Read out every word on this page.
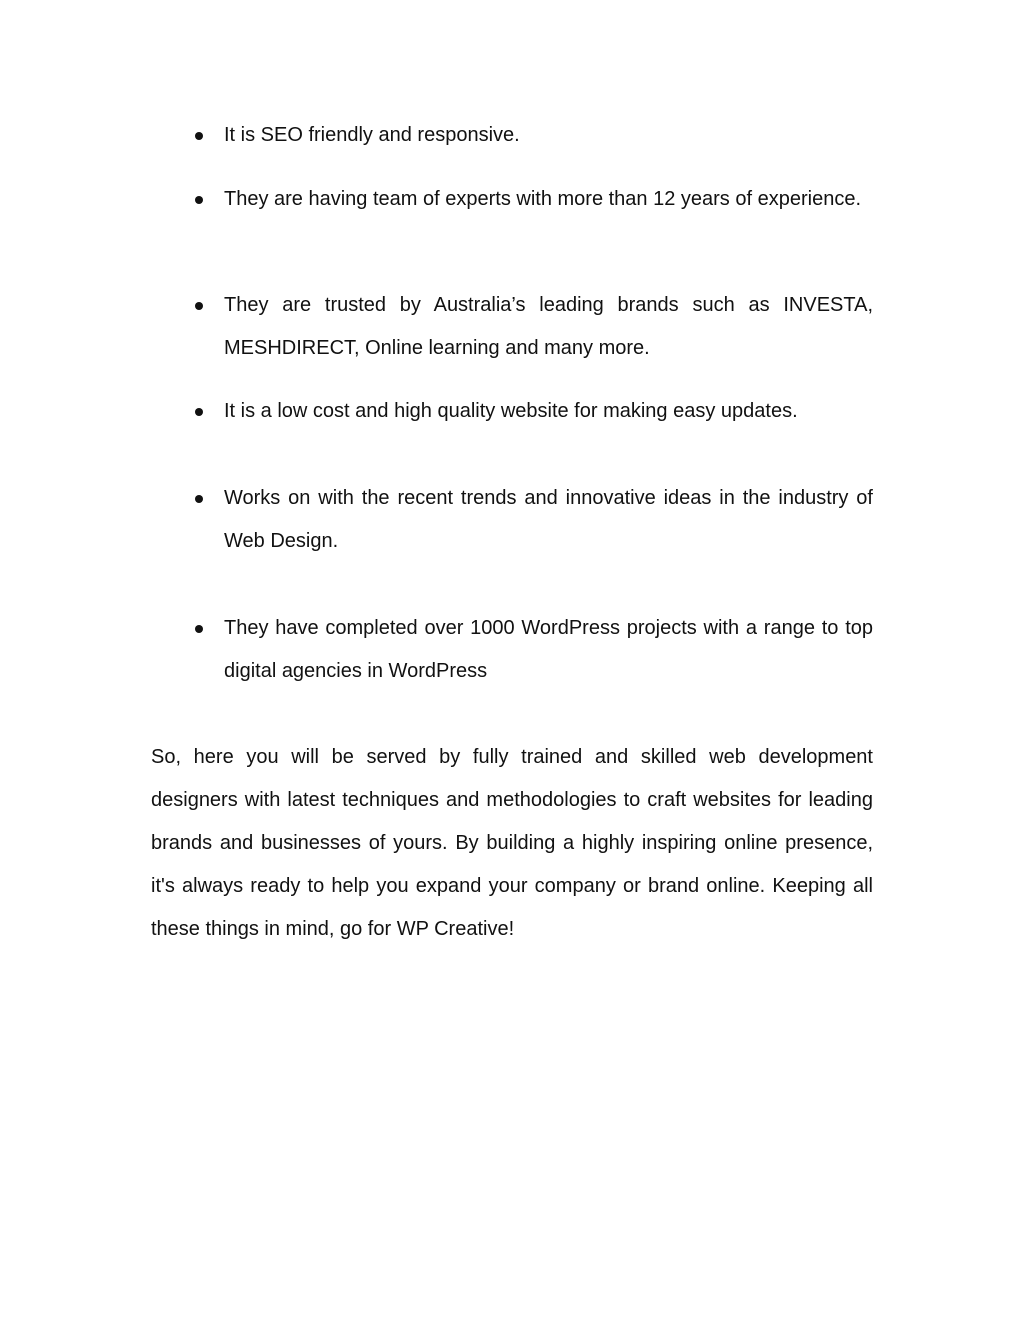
It is SEO friendly and responsive.
They are having team of experts with more than 12 years of experience.
They are trusted by Australia’s leading brands such as INVESTA, MESHDIRECT, Online learning and many more.
It is a low cost and high quality website for making easy updates.
Works on with the recent trends and innovative ideas in the industry of Web Design.
They have completed over 1000 WordPress projects with a range to top digital agencies in WordPress

So, here you will be served by fully trained and skilled web development designers with latest techniques and methodologies to craft websites for leading brands and businesses of yours. By building a highly inspiring online presence, it's always ready to help you expand your company or brand online. Keeping all these things in mind, go for WP Creative!
